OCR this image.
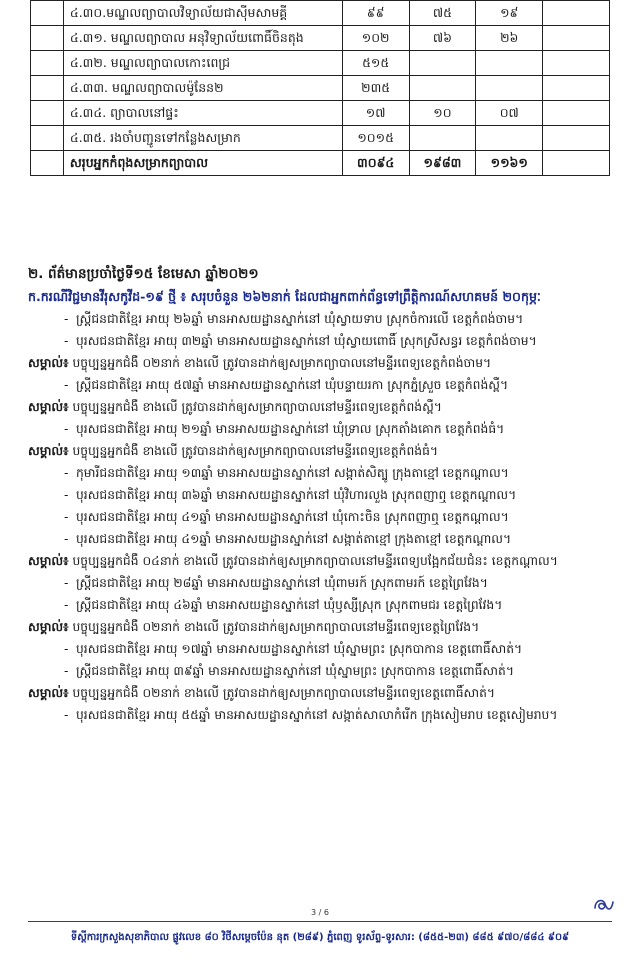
	៤.៣០.មណ្ឌលព្យាបាលវិទ្យាល័យជាស៊ីមសាមគ្គី	៩៩	៧៥	១៩	
	៤.៣១. មណ្ឌលព្យាបាល អនុវិទ្យាល័យពោធិ៍ចិនតុង	១០២	៧៦	២៦	
	៤.៣២. មណ្ឌលព្យាបាលកោះពេជ្រ	៥១៥			
	៤.៣៣. មណ្ឌលព្យាបាលម៉ូនែន២	២៣៥			
	៤.៣៤. ព្យាបាលនៅផ្ទះ	១៧	១០	០៧	
	៤.៣៥. រងចាំបញ្ជូនទៅកន្លែងសម្រាក	១០១៥			
	សរុបអ្នកកំពុងសម្រាកព្យាបាល	៣០៩៤	១៩៨៣	១១៦១	

២. ព័ត៌មានប្រចាំថ្ងៃទី១៥ ខែមេសា ឆ្នាំ២០២១

ក.ករណីវិជ្ជមានវីរុសកូវីដ-១៩ ថ្មី ៖ សរុបចំនួន ២៦២នាក់ ដែលជាអ្នកពាក់ព័ន្ធទៅព្រឹត្តិការណ៍សហគមន៍ ២០កុម្ភៈ

- ស្ត្រីជនជាតិខ្មែរ អាយុ ២៦ឆ្នាំ មានអាសយដ្ឋានស្នាក់នៅ ឃុំស្វាយទាប ស្រុកចំការលើ ខេត្តកំពង់ចាម។

- បុរសជនជាតិខ្មែរ អាយុ ៣២ឆ្នាំ មានអាសយដ្ឋានស្នាក់នៅ ឃុំស្វាយពោធិ៍ ស្រុកស្រីសន្ធរ ខេត្តកំពង់ចាម។

សម្គាល់៖ បច្ចុប្បន្នអ្នកជំងឺ ០២នាក់ ខាងលើ ត្រូវបានដាក់ឲ្យសម្រាកព្យាបាលនៅមន្ទីរពេទ្យខេត្តកំពង់ចាម។

- ស្ត្រីជនជាតិខ្មែរ អាយុ ៥៧ឆ្នាំ មានអាសយដ្ឋានស្នាក់នៅ ឃុំបន្ទាយរកា ស្រុកភ្នំស្រួច ខេត្តកំពង់ស្ពឺ។

សម្គាល់៖ បច្ចុប្បន្នអ្នកជំងឺ ខាងលើ ត្រូវបានដាក់ឲ្យសម្រាកព្យាបាលនៅមន្ទីរពេទ្យខេត្តកំពង់ស្ពឺ។

- បុរសជនជាតិខ្មែរ អាយុ ២១ឆ្នាំ មានអាសយដ្ឋានស្នាក់នៅ ឃុំទ្រាល ស្រុកតាំងគោក ខេត្តកំពង់ធំ។

សម្គាល់៖ បច្ចុប្បន្នអ្នកជំងឺ ខាងលើ ត្រូវបានដាក់ឲ្យសម្រាកព្យាបាលនៅមន្ទីរពេទ្យខេត្តកំពង់ធំ។

- កុមារីជនជាតិខ្មែរ អាយុ ១៣ឆ្នាំ មានអាសយដ្ឋានស្នាក់នៅ សង្កាត់សិត្បូ ក្រុងតាខ្មៅ ខេត្តកណ្តាល។

- បុរសជនជាតិខ្មែរ អាយុ ៣៦ឆ្នាំ មានអាសយដ្ឋានស្នាក់នៅ ឃុំវិហារលួង ស្រុកពញាឮ ខេត្តកណ្តាល។

- បុរសជនជាតិខ្មែរ អាយុ ៤១ឆ្នាំ មានអាសយដ្ឋានស្នាក់នៅ ឃុំកោះចិន ស្រុកពញាឮ ខេត្តកណ្តាល។

- បុរសជនជាតិខ្មែរ អាយុ ៤១ឆ្នាំ មានអាសយដ្ឋានស្នាក់នៅ សង្កាត់តាខ្មៅ ក្រុងតាខ្មៅ ខេត្តកណ្តាល។

សម្គាល់៖ បច្ចុប្បន្នអ្នកជំងឺ ០៤នាក់ ខាងលើ ត្រូវបានដាក់ឲ្យសម្រាកព្យាបាលនៅមន្ទីរពេទ្យបង្អែកជ័យជំនះ ខេត្តកណ្តាល។

- ស្ត្រីជនជាតិខ្មែរ អាយុ ២៨ឆ្នាំ មានអាសយដ្ឋានស្នាក់នៅ ឃុំពាមរក៍ ស្រុកពាមរក៍ ខេត្តព្រៃវែង។

- ស្ត្រីជនជាតិខ្មែរ អាយុ ៤៦ឆ្នាំ មានអាសយដ្ឋានស្នាក់នៅ ឃុំឫស្សីស្រុក ស្រុកពាមជរ ខេត្តព្រៃវែង។

សម្គាល់៖ បច្ចុប្បន្នអ្នកជំងឺ ០២នាក់ ខាងលើ ត្រូវបានដាក់ឲ្យសម្រាកព្យាបាលនៅមន្ទីរពេទ្យខេត្តព្រៃវែង។

- បុរសជនជាតិខ្មែរ អាយុ ១៧ឆ្នាំ មានអាសយដ្ឋានស្នាក់នៅ ឃុំស្នាមព្រះ ស្រុកបាកាន ខេត្តពោធិ៍សាត់។

- ស្ត្រីជនជាតិខ្មែរ អាយុ ៣៩ឆ្នាំ មានអាសយដ្ឋានស្នាក់នៅ ឃុំស្នាមព្រះ ស្រុកបាកាន ខេត្តពោធិ៍សាត់។

សម្គាល់៖ បច្ចុប្បន្នអ្នកជំងឺ ០២នាក់ ខាងលើ ត្រូវបានដាក់ឲ្យសម្រាកព្យាបាលនៅមន្ទីរពេទ្យខេត្តពោធិ៍សាត់។

- បុរសជនជាតិខ្មែរ អាយុ ៥៥ឆ្នាំ មានអាសយដ្ឋានស្នាក់នៅ សង្កាត់សាលាកំរើក ក្រុងសៀមរាប ខេត្តសៀមរាប។

3 / 6
ទីស្តីការក្រសួងសុខាភិបាល ផ្លូវលេខ ៨០ វិថីសម្តេចប៉ែន នុត (២៨៩) ភ្នំពេញ ទូរស័ព្ទ-ទូរសារ: (៨៥៥-២៣) ៨៨៥ ៩៧០/៨៨៤ ៩០៩
